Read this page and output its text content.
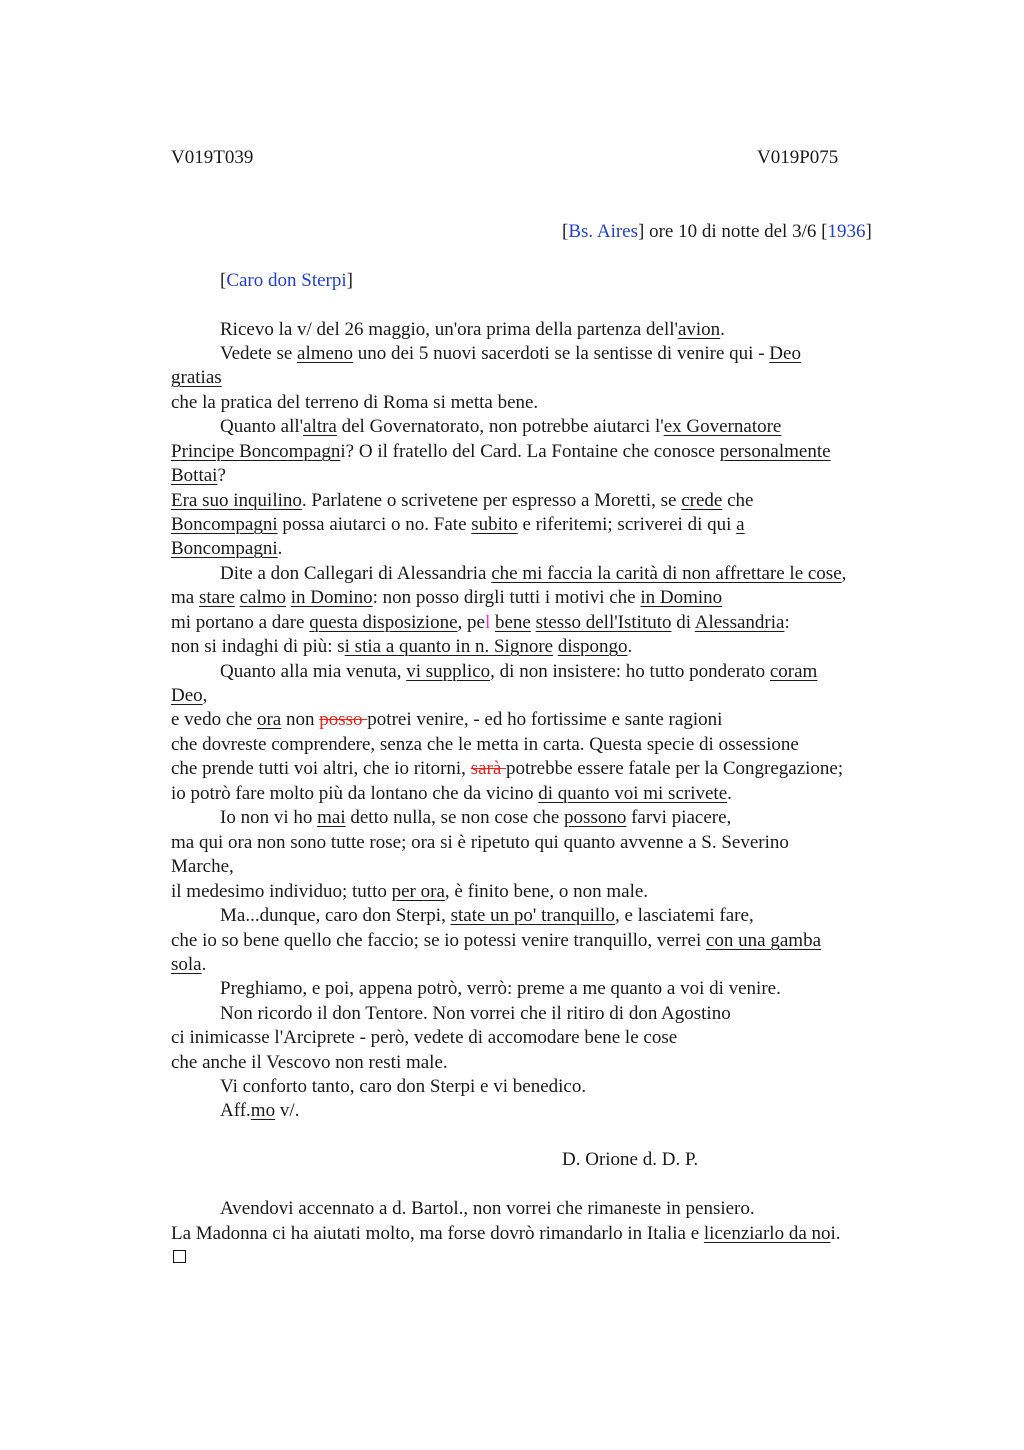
V019T039	V019P075
[Bs. Aires] ore 10 di notte del 3/6 [1936]
[Caro don Sterpi]
Ricevo la v/ del 26 maggio, un'ora prima della partenza dell'avion.
Vedete se almeno uno dei 5 nuovi sacerdoti se la sentisse di venire qui - Deo
gratias
che la pratica del terreno di Roma si metta bene.
Quanto all'altra del Governatorato, non potrebbe aiutarci l'ex Governatore
Principe Boncompagni? O il fratello del Card. La Fontaine che conosce personalmente
Bottai?
Era suo inquilino. Parlatene o scrivetene per espresso a Moretti, se crede che
Boncompagni possa aiutarci o no. Fate subito e riferitemi; scriverei di qui a
Boncompagni.
Dite a don Callegari di Alessandria che mi faccia la carità di non affrettare le cose,
ma stare calmo in Domino: non posso dirgli tutti i motivi che in Domino
mi portano a dare questa disposizione, pel bene stesso dell'Istituto di Alessandria:
non si indaghi di più: si stia a quanto in n. Signore dispongo.
Quanto alla mia venuta, vi supplico, di non insistere: ho tutto ponderato coram
Deo,
e vedo che ora non posso potrei venire, - ed ho fortissime e sante ragioni
che dovreste comprendere, senza che le metta in carta. Questa specie di ossessione
che prende tutti voi altri, che io ritorni, sarà potrebbe essere fatale per la Congregazione;
io potrò fare molto più da lontano che da vicino di quanto voi mi scrivete.
Io non vi ho mai detto nulla, se non cose che possono farvi piacere,
ma qui ora non sono tutte rose; ora si è ripetuto qui quanto avvenne a S. Severino
Marche,
il medesimo individuo; tutto per ora, è finito bene, o non male.
Ma...dunque, caro don Sterpi, state un po' tranquillo, e lasciatemi fare,
che io so bene quello che faccio; se io potessi venire tranquillo, verrei con una gamba
sola.
Preghiamo, e poi, appena potrò, verrò: preme a me quanto a voi di venire.
Non ricordo il don Tentore. Non vorrei che il ritiro di don Agostino
ci inimicasse l'Arciprete - però, vedete di accomodare bene le cose
che anche il Vescovo non resti male.
Vi conforto tanto, caro don Sterpi e vi benedico.
Aff.mo v/.
D. Orione d. D. P.
Avendovi accennato a d. Bartol., non vorrei che rimaneste in pensiero.
La Madonna ci ha aiutati molto, ma forse dovrò rimandarlo in Italia e licenziarlo da noi.
